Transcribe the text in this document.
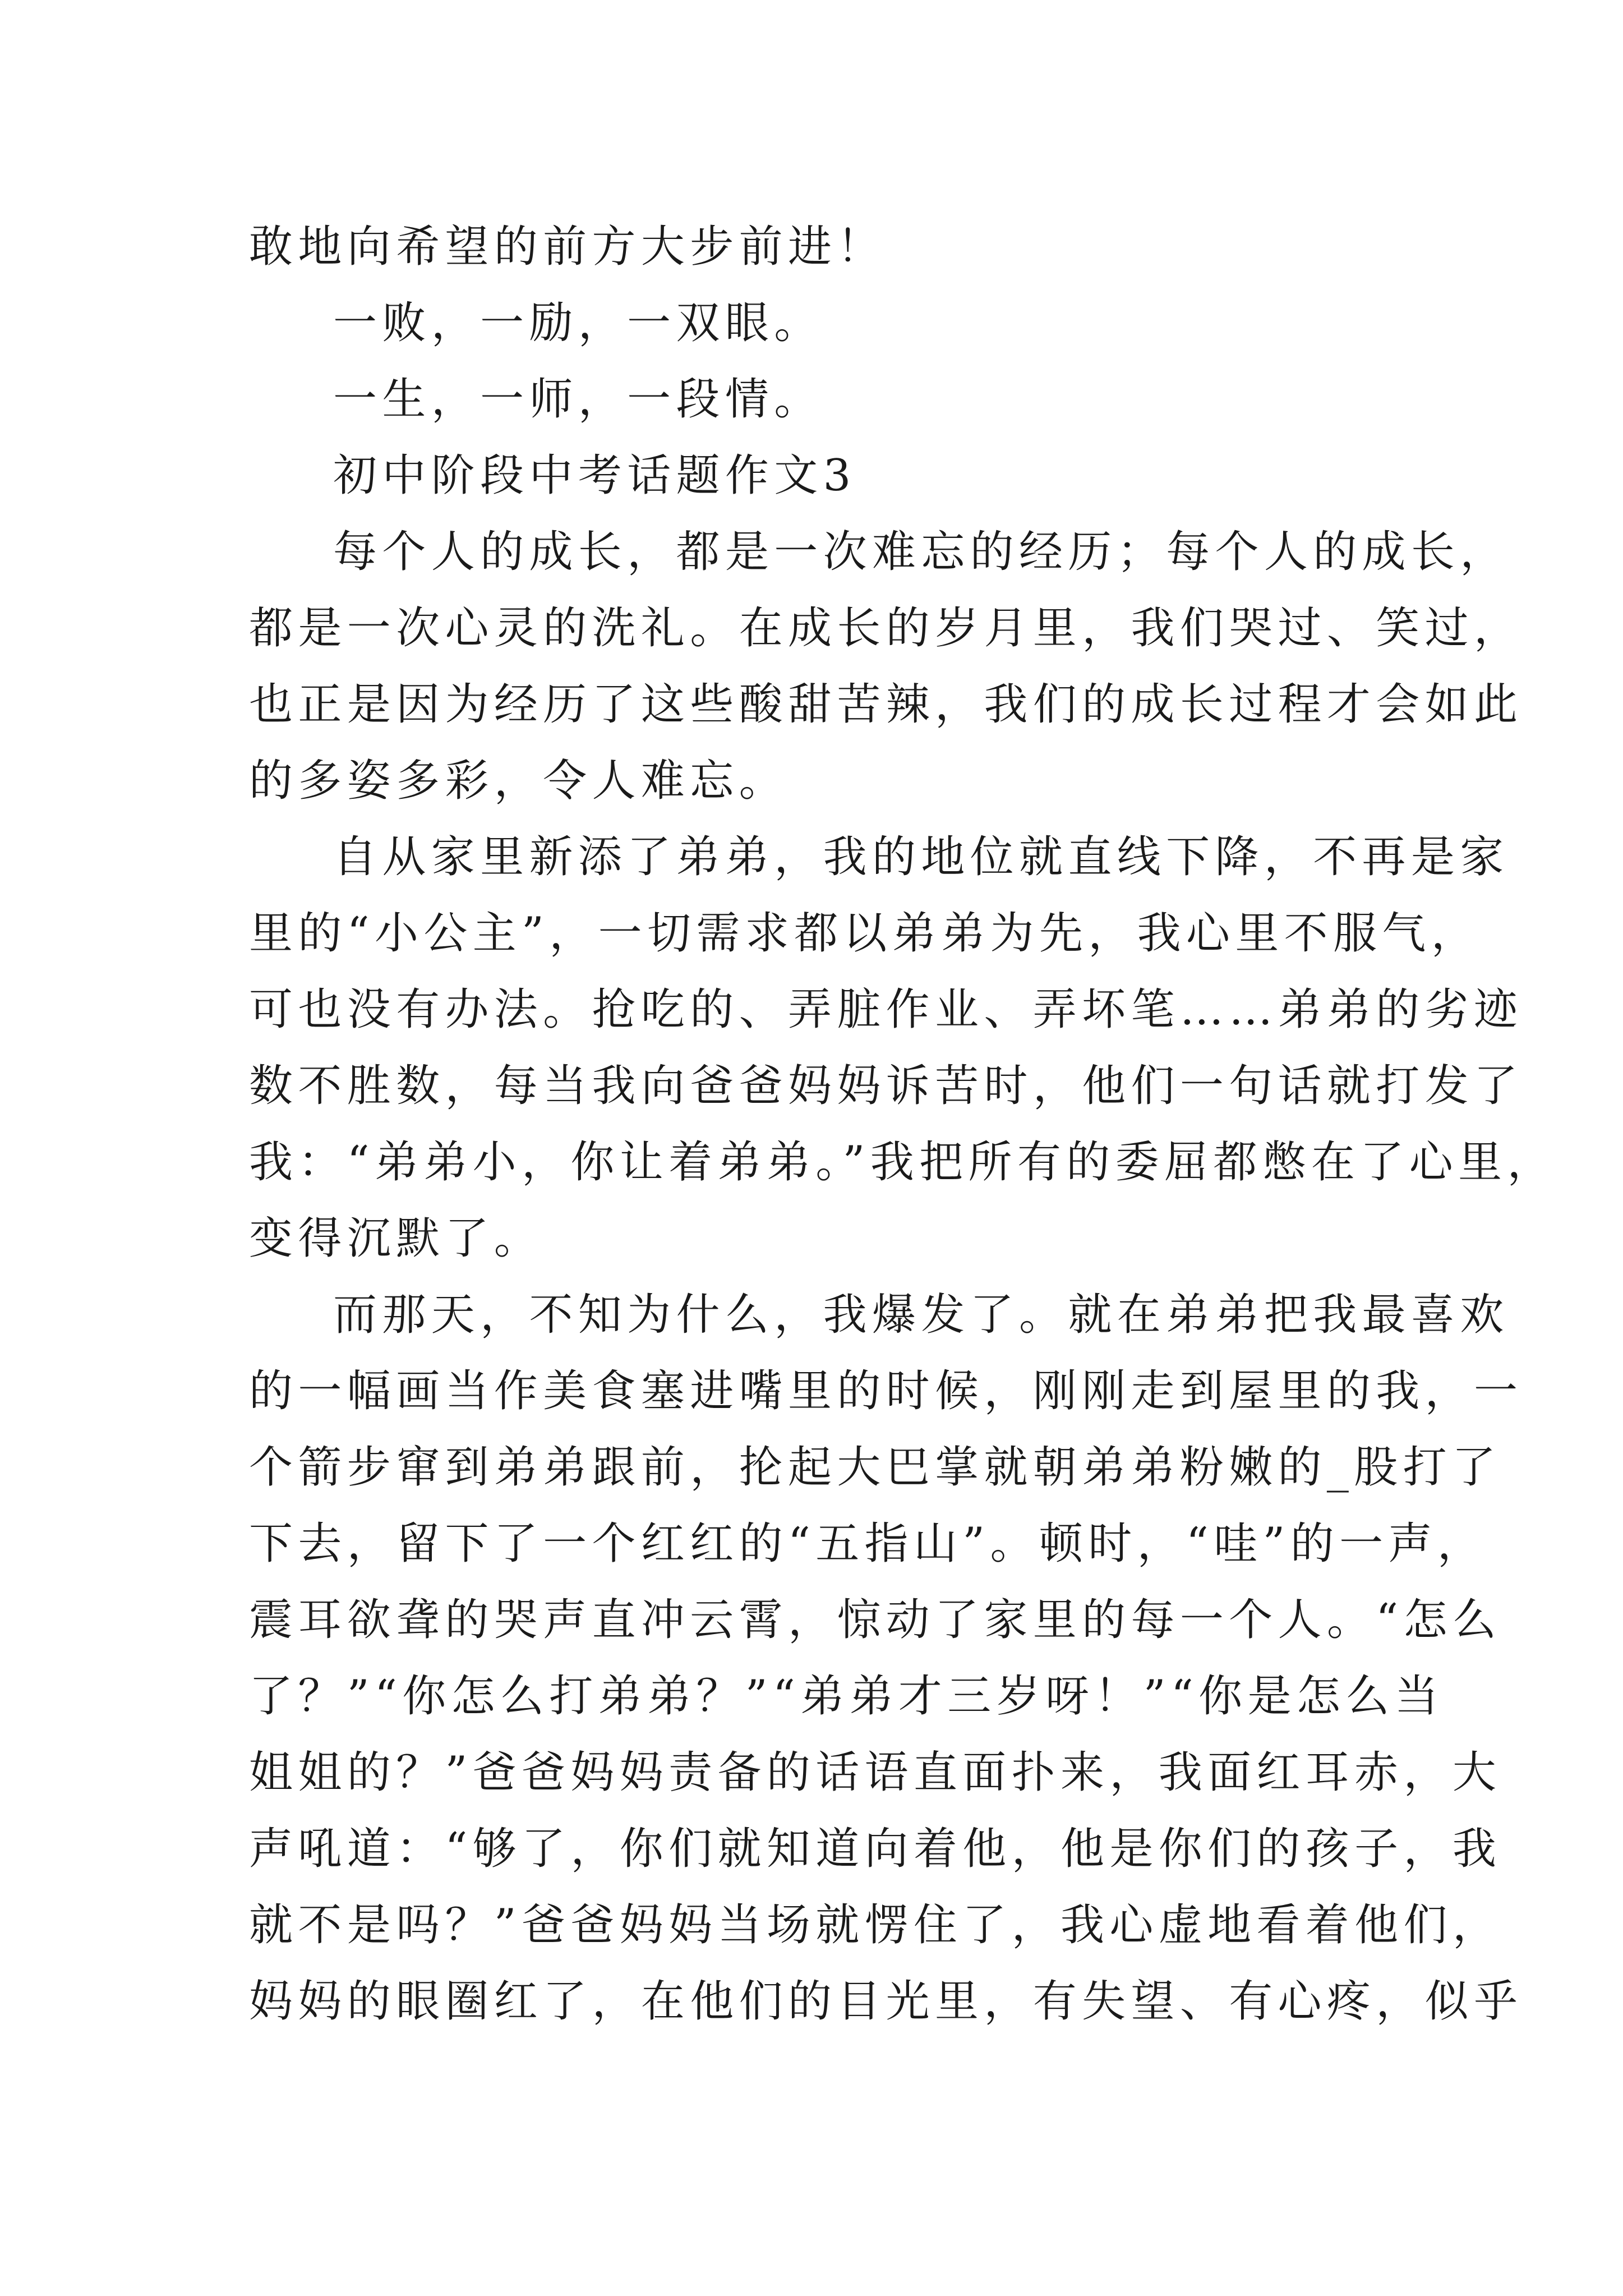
敢地向希望的前方大步前进！
一败，一励，一双眼。
一生，一师，一段情。
初中阶段中考话题作文3
每个人的成长，都是一次难忘的经历；每个人的成长，
都是一次心灵的洗礼。在成长的岁月里，我们哭过、笑过，
也正是因为经历了这些酸甜苦辣，我们的成长过程才会如此
的多姿多彩，令人难忘。
自从家里新添了弟弟，我的地位就直线下降，不再是家
里的“小公主”，一切需求都以弟弟为先，我心里不服气，
可也没有办法。抢吃的、弄脏作业、弄坏笔……弟弟的劣迹
数不胜数，每当我向爸爸妈妈诉苦时，他们一句话就打发了
我：“弟弟小，你让着弟弟。”我把所有的委屈都憋在了心里，
变得沉默了。
而那天，不知为什么，我爆发了。就在弟弟把我最喜欢
的一幅画当作美食塞进嘴里的时候，刚刚走到屋里的我，一
个箭步窜到弟弟跟前，抡起大巴掌就朝弟弟粉嫩的_股打了
下去，留下了一个红红的“五指山”。顿时，“哇”的一声，
震耳欲聋的哭声直冲云霄，惊动了家里的每一个人。“怎么
了？”“你怎么打弟弟？”“弟弟才三岁呀！”“你是怎么当
姐姐的？”爸爸妈妈责备的话语直面扑来，我面红耳赤，大
声吼道：“够了，你们就知道向着他，他是你们的孩子，我
就不是吗？”爸爸妈妈当场就愣住了，我心虚地看着他们，
妈妈的眼圈红了，在他们的目光里，有失望、有心疼，似乎
